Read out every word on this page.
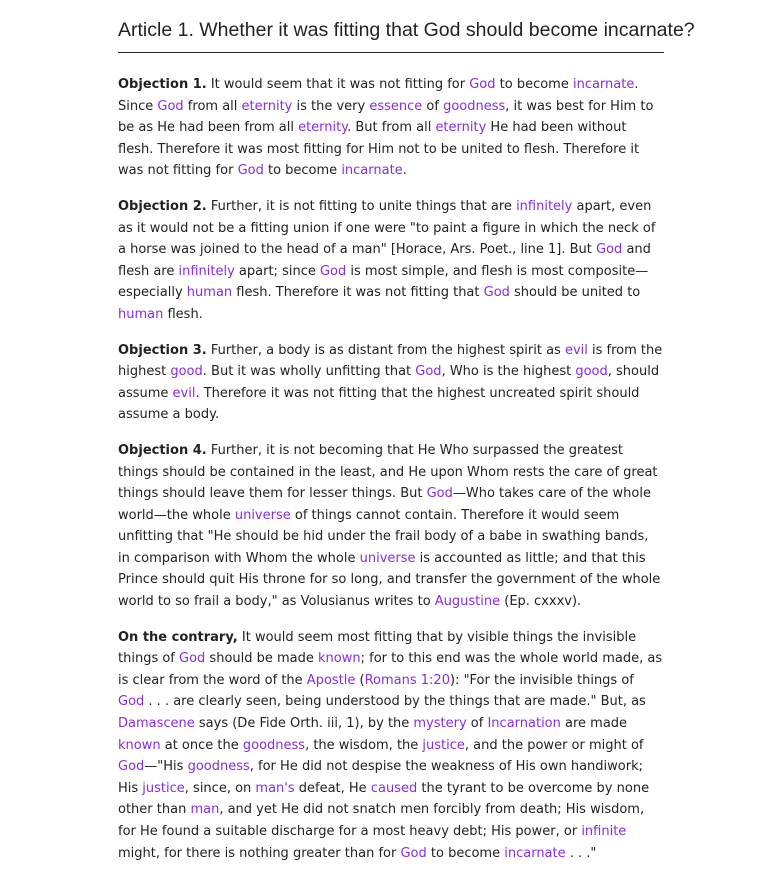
Article 1. Whether it was fitting that God should become incarnate?

Objection 1. It would seem that it was not fitting for God to become incarnate. Since God from all eternity is the very essence of goodness, it was best for Him to be as He had been from all eternity. But from all eternity He had been without flesh. Therefore it was most fitting for Him not to be united to flesh. Therefore it was not fitting for God to become incarnate.

Objection 2. Further, it is not fitting to unite things that are infinitely apart, even as it would not be a fitting union if one were "to paint a figure in which the neck of a horse was joined to the head of a man" [Horace, Ars. Poet., line 1]. But God and flesh are infinitely apart; since God is most simple, and flesh is most composite—especially human flesh. Therefore it was not fitting that God should be united to human flesh.

Objection 3. Further, a body is as distant from the highest spirit as evil is from the highest good. But it was wholly unfitting that God, Who is the highest good, should assume evil. Therefore it was not fitting that the highest uncreated spirit should assume a body.

Objection 4. Further, it is not becoming that He Who surpassed the greatest things should be contained in the least, and He upon Whom rests the care of great things should leave them for lesser things. But God—Who takes care of the whole world—the whole universe of things cannot contain. Therefore it would seem unfitting that "He should be hid under the frail body of a babe in swathing bands, in comparison with Whom the whole universe is accounted as little; and that this Prince should quit His throne for so long, and transfer the government of the whole world to so frail a body," as Volusianus writes to Augustine (Ep. cxxxv).

On the contrary, It would seem most fitting that by visible things the invisible things of God should be made known; for to this end was the whole world made, as is clear from the word of the Apostle (Romans 1:20): "For the invisible things of God . . . are clearly seen, being understood by the things that are made." But, as Damascene says (De Fide Orth. iii, 1), by the mystery of Incarnation are made known at once the goodness, the wisdom, the justice, and the power or might of God—"His goodness, for He did not despise the weakness of His own handiwork; His justice, since, on man's defeat, He caused the tyrant to be overcome by none other than man, and yet He did not snatch men forcibly from death; His wisdom, for He found a suitable discharge for a most heavy debt; His power, or infinite might, for there is nothing greater than for God to become incarnate . . ."
